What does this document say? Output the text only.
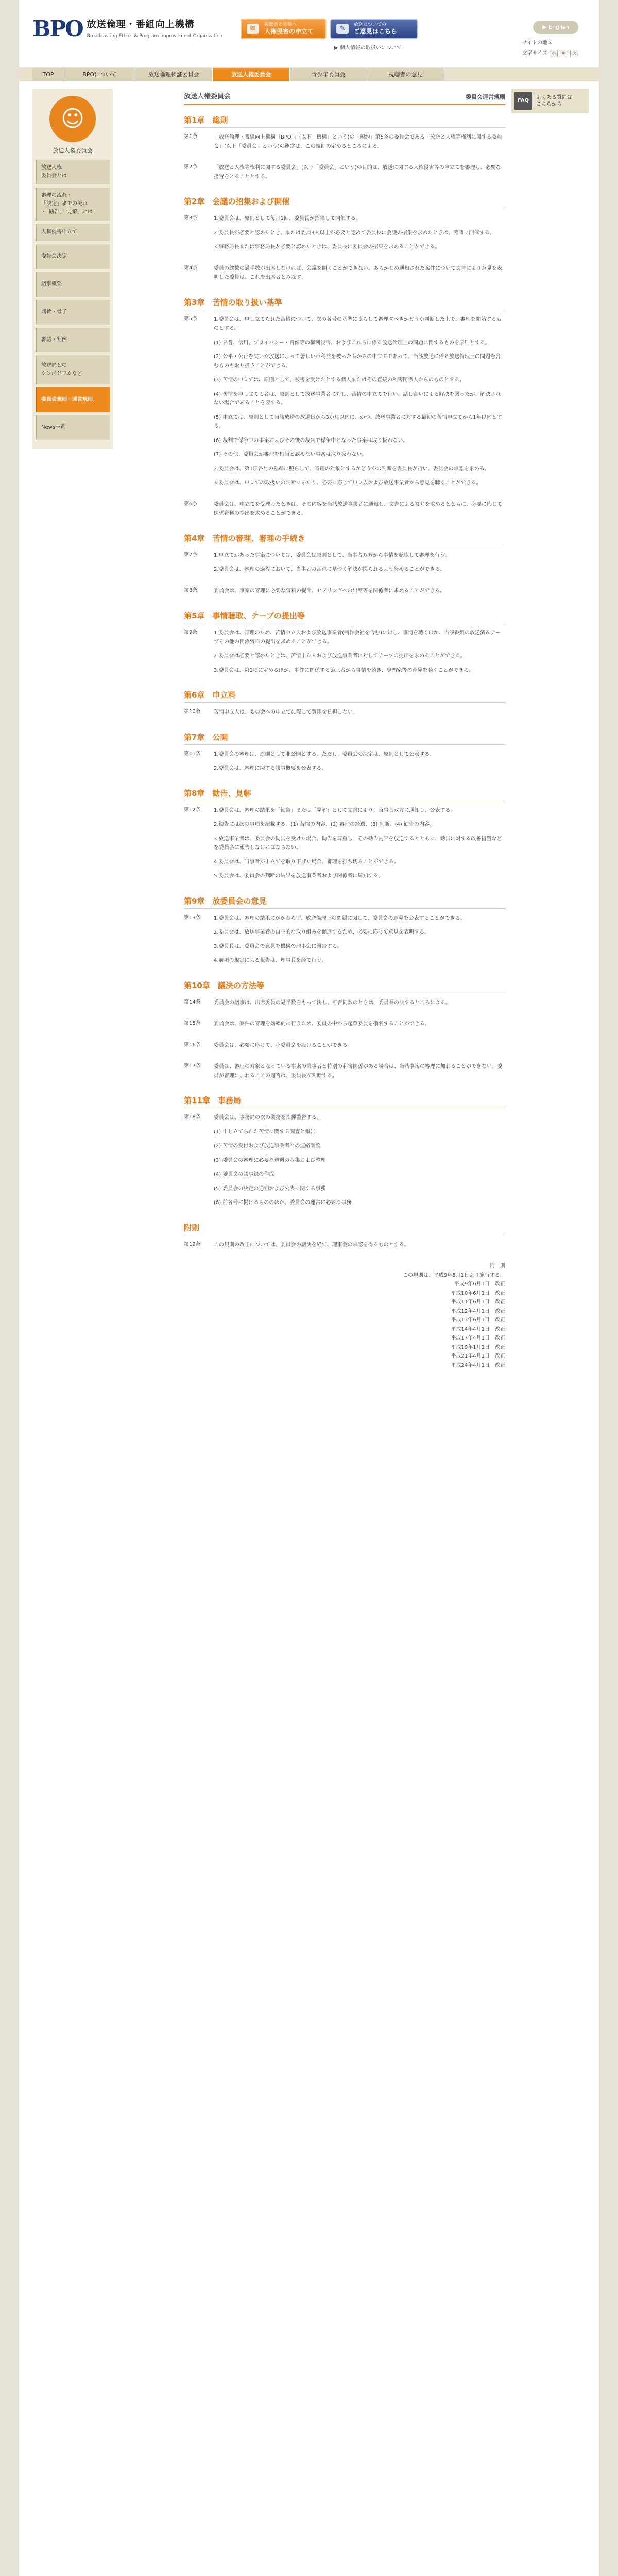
BPO 放送倫理・番組向上機構
Broadcasting Ethics & Program Improvement Organization
✉
視聴者の皆様へ
人権侵害の申立て	✎
放送についての
ご意見はこちら
▶ 個人情報の取扱いについて
▶ English
サイトの地図
文字サイズ	小	中	大
TOP	BPOについて	放送倫理検証委員会	放送人権委員会	青少年委員会	視聴者の意見
☺
放送人権委員会
放送人権
委員会とは
審理の流れ・
「決定」までの流れ
・「勧告」「見解」とは
人権侵害申立て
委員会決定
議事概要
判旨・骨子
審議・判例
放送局との
シンポジウムなど
委員会規則・運営規則
News一覧
FAQ
よくある質問は
こちらから
放送人権委員会	委員会運営規則
第1章　総則
第1条	「放送倫理・番組向上機構〔BPO〕」(以下「機構」という)の「規約」第5条の委員会である「放送と人権等権利に関する委員会」(以下「委員会」という)の運営は、この規則の定めるところによる。

第2条	「放送と人権等権利に関する委員会」(以下「委員会」という)の目的は、放送に関する人権侵害等の申立てを審理し、必要な措置をとることとする。

第2章　会議の招集および開催
第3条	1.委員会は、原則として毎月1回、委員長が招集して開催する。

2.委員長が必要と認めたとき、または委員3人以上が必要と認めて委員長に会議の招集を求めたときは、臨時に開催する。

3.事務局長または事務局長が必要と認めたときは、委員長に委員会の招集を求めることができる。

第4条	委員の総数の過半数が出席しなければ、会議を開くことができない。あらかじめ通知された案件について文書により意見を表明した委員は、これを出席者とみなす。

第3章　苦情の取り扱い基準
第5条	1.委員会は、申し立てられた苦情について、次の各号の基準に照らして審理すべきかどうか判断した上で、審理を開始するものとする。

(1) 名誉、信用、プライバシー・肖像等の権利侵害、およびこれらに係る放送倫理上の問題に関するものを原則とする。

(2) 公平・公正を欠いた放送によって著しい不利益を被った者からの申立てであって、当該放送に係る放送倫理上の問題を含むものも取り扱うことができる。

(3) 苦情の申立ては、原則として、被害を受けたとする個人またはその直接の利害関係人からのものとする。

(4) 苦情を申し立てる者は、原則として放送事業者に対し、苦情の申立てを行い、話し合いによる解決を図ったが、解決されない場合であることを要する。

(5) 申立ては、原則として当該放送の放送日から3か月以内に、かつ、放送事業者に対する最初の苦情申立てから1年以内とする。

(6) 裁判で係争中の事案およびその後の裁判で係争中となった事案は取り扱わない。

(7) その他、委員会が審理を相当と認めない事案は取り扱わない。

2.委員会は、第1項各号の基準に照らして、審理の対象とするかどうかの判断を委員長が行い、委員会の承認を求める。

3.委員会は、申立ての取扱いの判断にあたり、必要に応じて申立人および放送事業者から意見を聴くことができる。

第6条	委員会は、申立てを受理したときは、その内容を当該放送事業者に通知し、文書による答弁を求めるとともに、必要に応じて関係資料の提出を求めることができる。

第4章　苦情の審理、審理の手続き
第7条	1.申立てがあった事案については、委員会は原則として、当事者双方から事情を聴取して審理を行う。

2.委員会は、審理の過程において、当事者の合意に基づく解決が図られるよう努めることができる。

第8条	委員会は、事案の審理に必要な資料の提出、ヒアリングへの出席等を関係者に求めることができる。

第5章　事情聴取、テープの提出等
第9条	1.委員会は、審理のため、苦情申立人および放送事業者(制作会社を含む)に対し、事情を聴くほか、当該番組の放送済みテープその他の関係資料の提出を求めることができる。

2.委員会は必要と認めたときは、苦情申立人および放送事業者に対してテープの提出を求めることができる。

3.委員会は、第1項に定めるほか、事件に関係する第三者から事情を聴き、専門家等の意見を聴くことができる。

第6章　申立料
第10条	苦情申立人は、委員会への申立てに際して費用を負担しない。

第7章　公開
第11条	1.委員会の審理は、原則として非公開とする。ただし、委員会の決定は、原則として公表する。

2.委員会は、審理に関する議事概要を公表する。

第8章　勧告、見解
第12条	1.委員会は、審理の結果を「勧告」または「見解」として文書により、当事者双方に通知し、公表する。

2.勧告には次の事項を記載する。(1) 苦情の内容、(2) 審理の経過、(3) 判断、(4) 勧告の内容。

3.放送事業者は、委員会の勧告を受けた場合、勧告を尊重し、その勧告内容を放送するとともに、勧告に対する改善措置などを委員会に報告しなければならない。

4.委員会は、当事者が申立てを取り下げた場合、審理を打ち切ることができる。

5.委員会は、委員会の判断の結果を放送事業者および関係者に周知する。

第9章　放委員会の意見
第13条	1.委員会は、審理の結果にかかわらず、放送倫理上の問題に関して、委員会の意見を公表することができる。

2.委員会は、放送事業者の自主的な取り組みを促進するため、必要に応じて意見を表明する。

3.委員長は、委員会の意見を機構の理事会に報告する。

4.前項の規定による報告は、理事長を経て行う。

第10章　議決の方法等
第14条	委員会の議事は、出席委員の過半数をもって決し、可否同数のときは、委員長の決するところによる。

第15条	委員会は、案件の審理を効率的に行うため、委員の中から起草委員を指名することができる。

第16条	委員会は、必要に応じて、小委員会を設けることができる。

第17条	委員は、審理の対象となっている事案の当事者と特別の利害関係がある場合は、当該事案の審理に加わることができない。委員が審理に加わることの適否は、委員長が判断する。

第11章　事務局
第18条	委員会は、事務局の次の業務を指揮監督する。

(1) 申し立てられた苦情に関する調査と報告

(2) 苦情の受付および放送事業者との連絡調整

(3) 委員会の審理に必要な資料の収集および整理

(4) 委員会の議事録の作成

(5) 委員会の決定の通知および公表に関する事務

(6) 前各号に掲げるもののほか、委員会の運営に必要な事務

附則
第19条	この規則の改正については、委員会の議決を経て、理事会の承認を得るものとする。

附　則
この規則は、平成9年5月1日より施行する。
平成9年6月1日　改正
平成10年6月1日　改正
平成11年6月1日　改正
平成12年4月1日　改正
平成13年6月1日　改正
平成14年4月1日　改正
平成17年4月1日　改正
平成19年1月1日　改正
平成21年4月1日　改正
平成24年4月1日　改正
